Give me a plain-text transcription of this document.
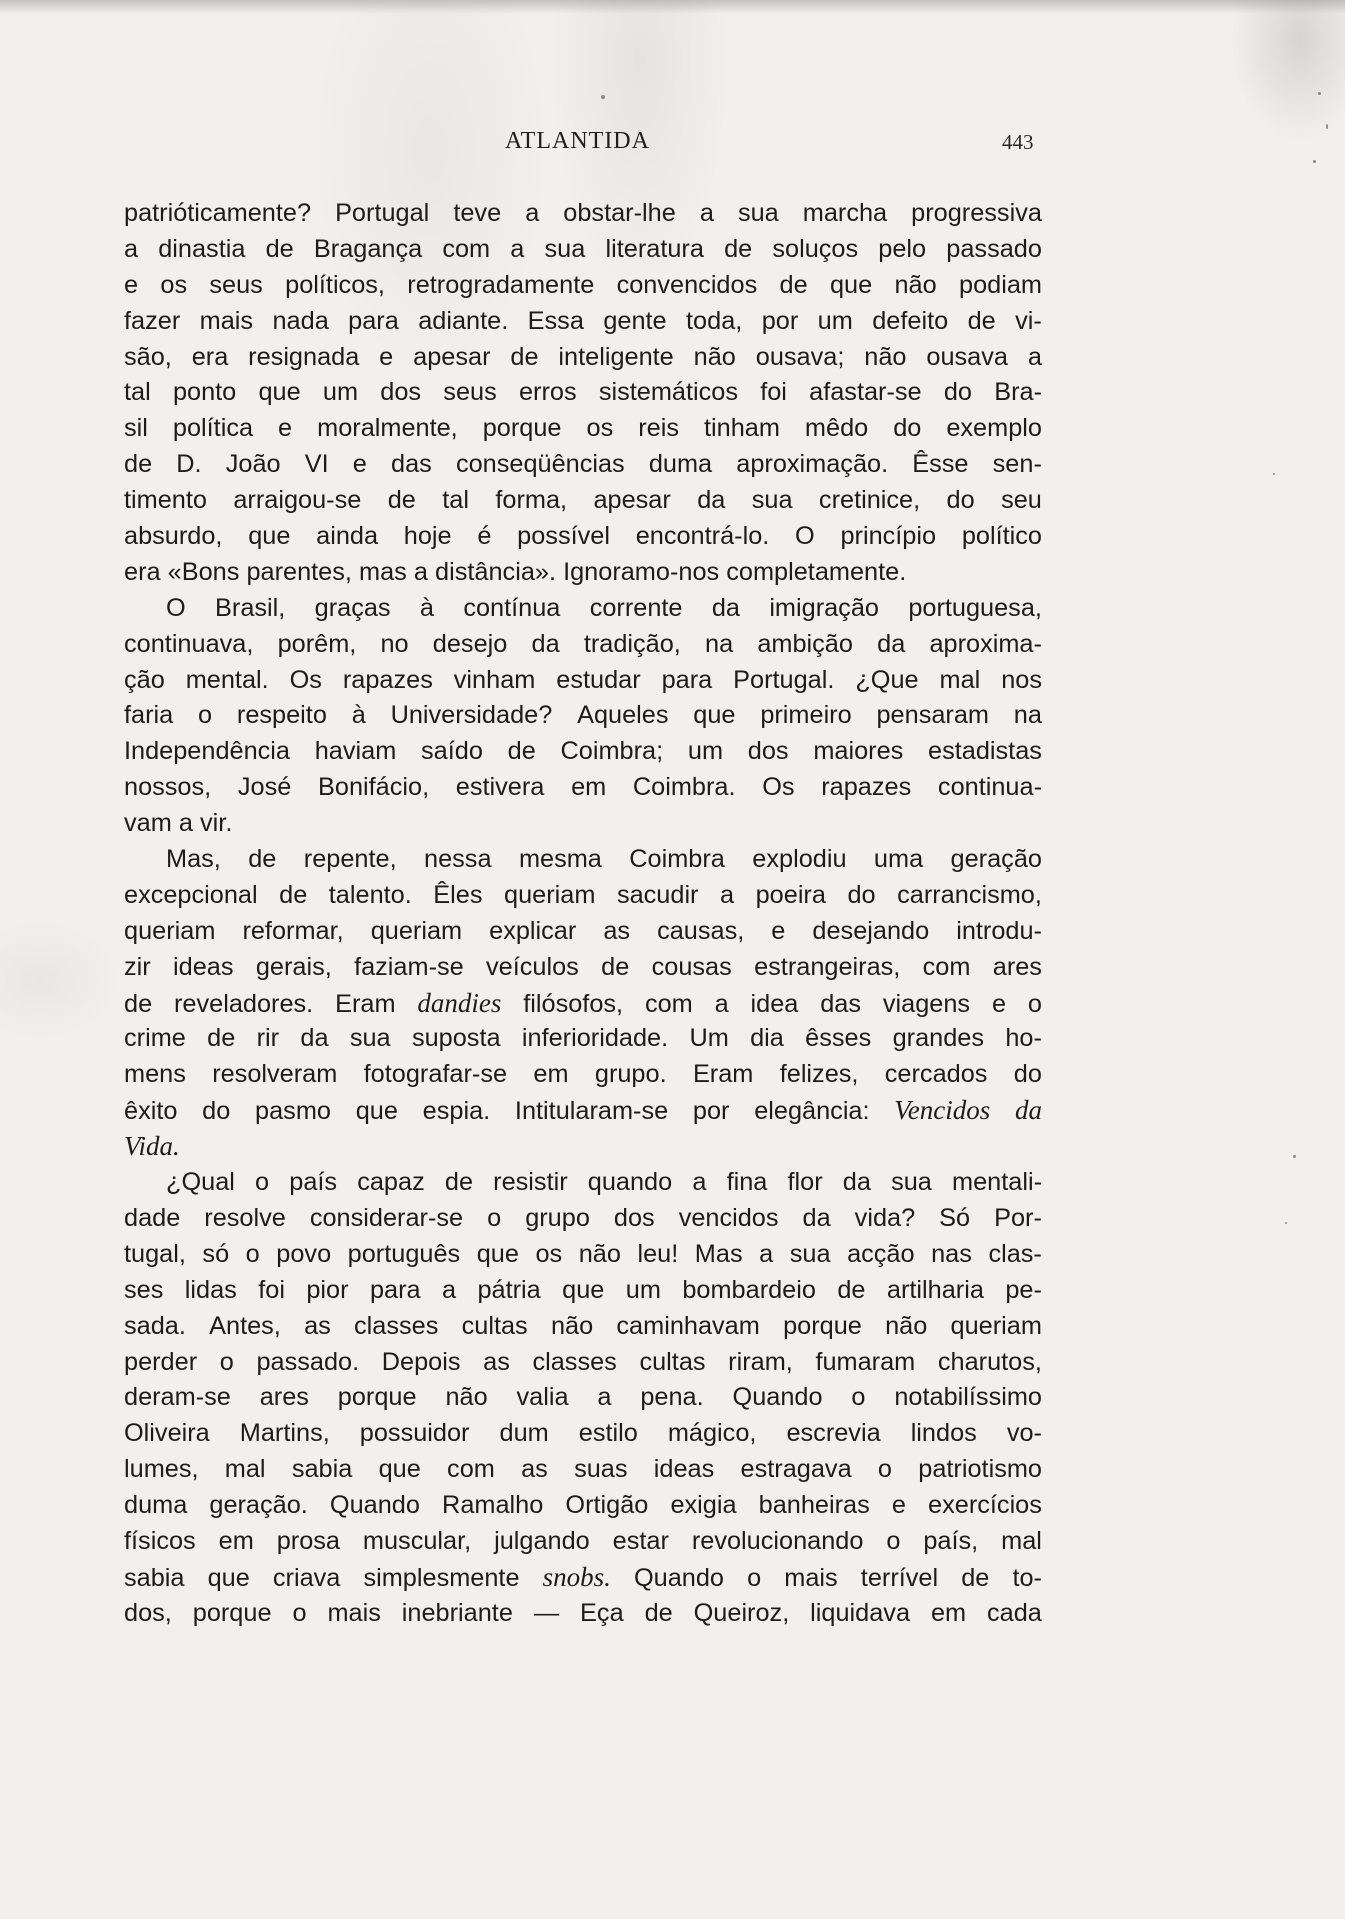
ATLANTIDA	443
patrióticamente? Portugal teve a obstar-lhe a sua marcha progressiva
a dinastia de Bragança com a sua literatura de soluços pelo passado
e os seus políticos, retrogradamente convencidos de que não podiam
fazer mais nada para adiante. Essa gente toda, por um defeito de vi-
são, era resignada e apesar de inteligente não ousava; não ousava a
tal ponto que um dos seus erros sistemáticos foi afastar-se do Bra-
sil política e moralmente, porque os reis tinham mêdo do exemplo
de D. João VI e das conseqüências duma aproximação. Êsse sen-
timento arraigou-se de tal forma, apesar da sua cretinice, do seu
absurdo, que ainda hoje é possível encontrá-lo. O princípio político
era «Bons parentes, mas a distância». Ignoramo-nos completamente.
O Brasil, graças à contínua corrente da imigração portuguesa,
continuava, porêm, no desejo da tradição, na ambição da aproxima-
ção mental. Os rapazes vinham estudar para Portugal. ¿Que mal nos
faria o respeito à Universidade? Aqueles que primeiro pensaram na
Independência haviam saído de Coimbra; um dos maiores estadistas
nossos, José Bonifácio, estivera em Coimbra. Os rapazes continua-
vam a vir.
Mas, de repente, nessa mesma Coimbra explodiu uma geração
excepcional de talento. Êles queriam sacudir a poeira do carrancismo,
queriam reformar, queriam explicar as causas, e desejando introdu-
zir ideas gerais, faziam-se veículos de cousas estrangeiras, com ares
de reveladores. Eram dandies filósofos, com a idea das viagens e o
crime de rir da sua suposta inferioridade. Um dia êsses grandes ho-
mens resolveram fotografar-se em grupo. Eram felizes, cercados do
êxito do pasmo que espia. Intitularam-se por elegância: Vencidos da
Vida.
¿Qual o país capaz de resistir quando a fina flor da sua mentali-
dade resolve considerar-se o grupo dos vencidos da vida? Só Por-
tugal, só o povo português que os não leu! Mas a sua acção nas clas-
ses lidas foi pior para a pátria que um bombardeio de artilharia pe-
sada. Antes, as classes cultas não caminhavam porque não queriam
perder o passado. Depois as classes cultas riram, fumaram charutos,
deram-se ares porque não valia a pena. Quando o notabilíssimo
Oliveira Martins, possuidor dum estilo mágico, escrevia lindos vo-
lumes, mal sabia que com as suas ideas estragava o patriotismo
duma geração. Quando Ramalho Ortigão exigia banheiras e exercícios
físicos em prosa muscular, julgando estar revolucionando o país, mal
sabia que criava simplesmente snobs. Quando o mais terrível de to-
dos, porque o mais inebriante — Eça de Queiroz, liquidava em cada
